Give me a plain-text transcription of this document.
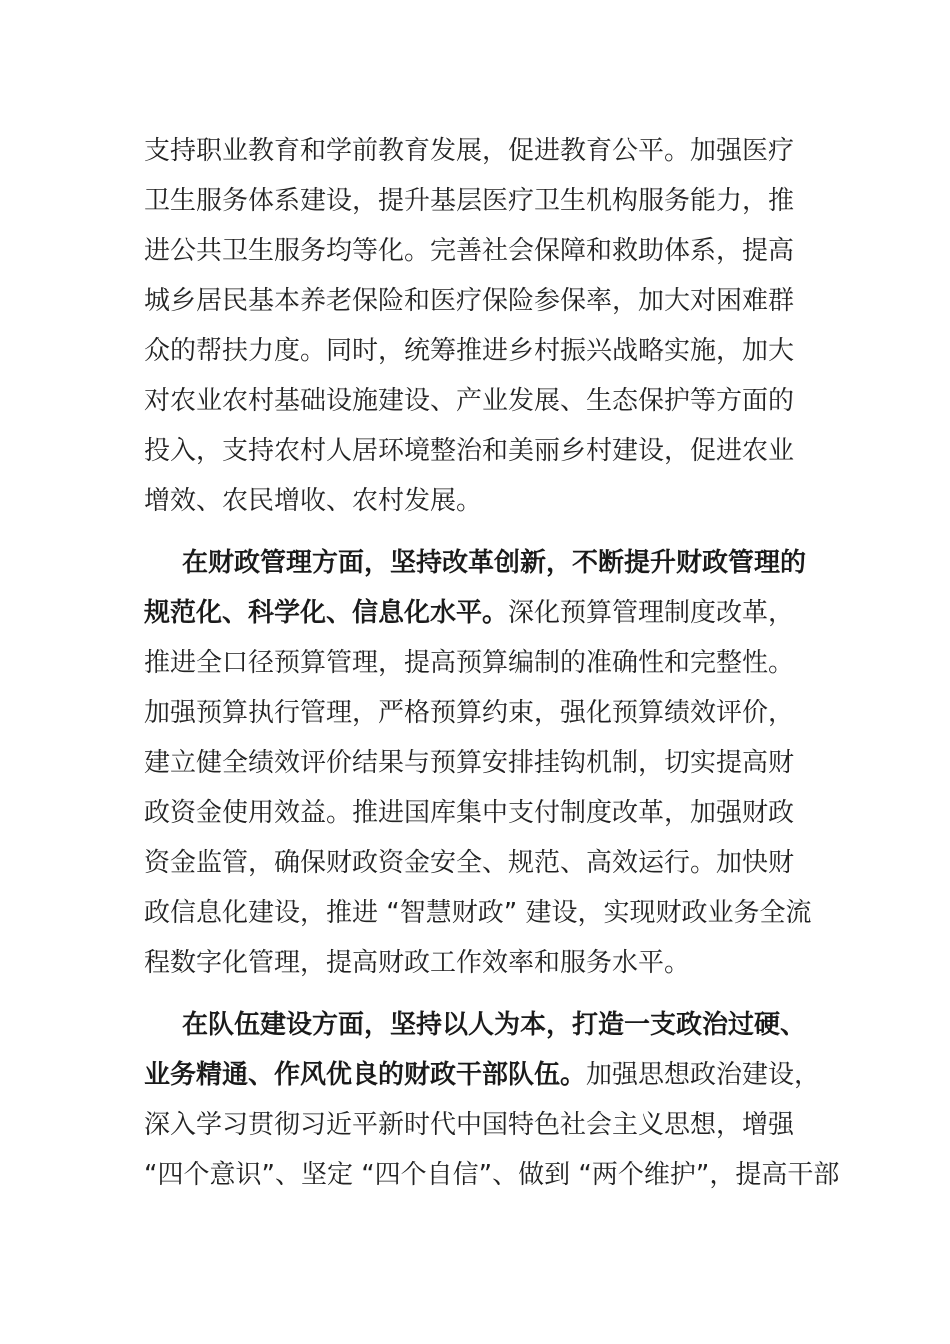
支持职业教育和学前教育发展，促进教育公平。加强医疗
卫生服务体系建设，提升基层医疗卫生机构服务能力，推
进公共卫生服务均等化。完善社会保障和救助体系，提高
城乡居民基本养老保险和医疗保险参保率，加大对困难群
众的帮扶力度。同时，统筹推进乡村振兴战略实施，加大
对农业农村基础设施建设、产业发展、生态保护等方面的
投入，支持农村人居环境整治和美丽乡村建设，促进农业
增效、农民增收、农村发展。

在财政管理方面，坚持改革创新，不断提升财政管理的
规范化、科学化、信息化水平。深化预算管理制度改革，
推进全口径预算管理，提高预算编制的准确性和完整性。
加强预算执行管理，严格预算约束，强化预算绩效评价，
建立健全绩效评价结果与预算安排挂钩机制，切实提高财
政资金使用效益。推进国库集中支付制度改革，加强财政
资金监管，确保财政资金安全、规范、高效运行。加快财
政信息化建设，推进 “智慧财政” 建设，实现财政业务全流
程数字化管理，提高财政工作效率和服务水平。

在队伍建设方面，坚持以人为本，打造一支政治过硬、
业务精通、作风优良的财政干部队伍。加强思想政治建设，
深入学习贯彻习近平新时代中国特色社会主义思想，增强
“四个意识”、坚定 “四个自信”、做到 “两个维护”，提高干部
